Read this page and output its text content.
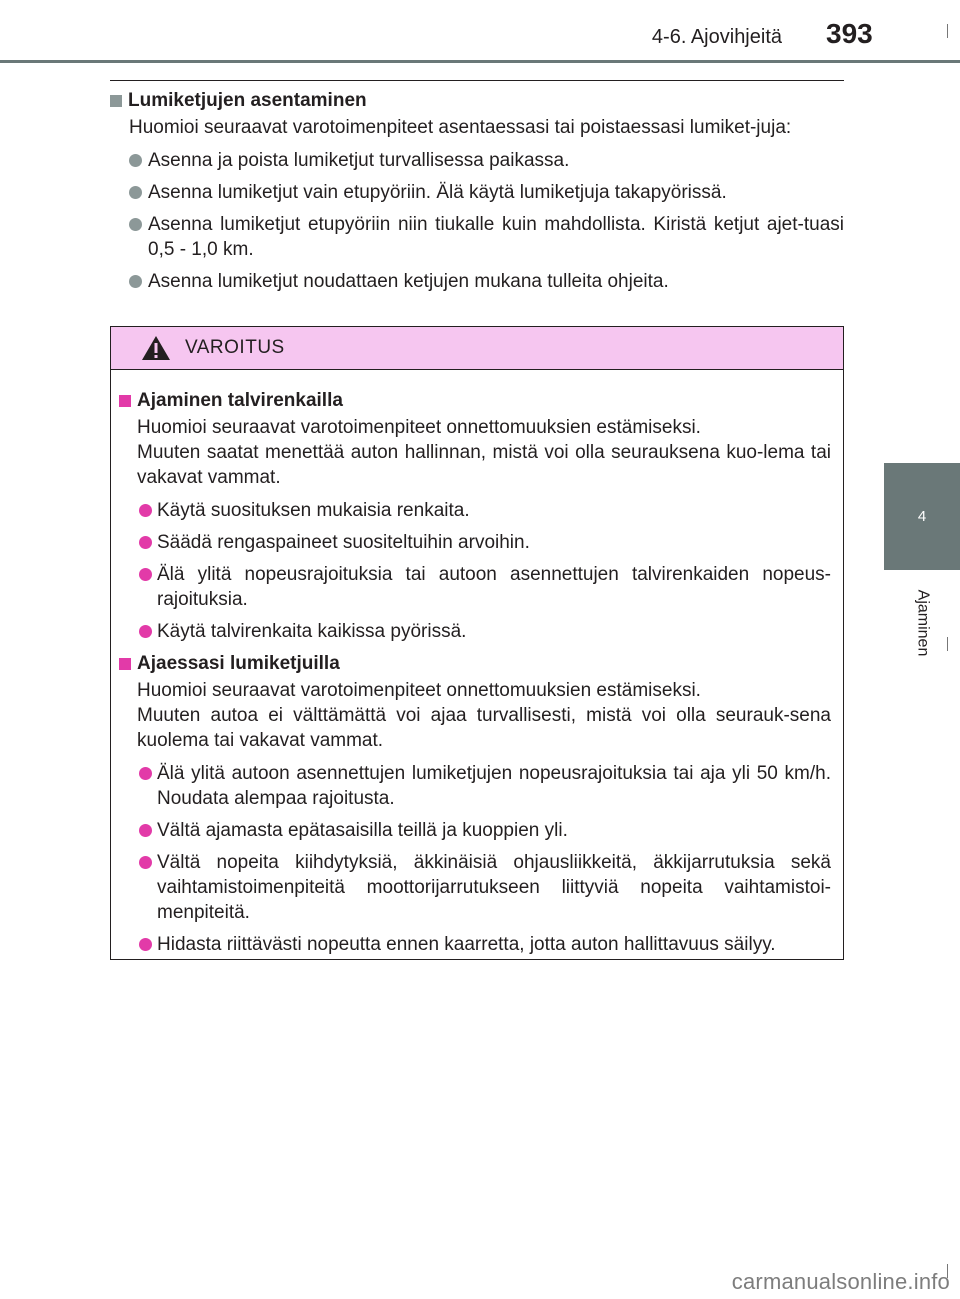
4-6. Ajovihjeitä 393
4
Ajaminen
Lumiketjujen asentaminen
Huomioi seuraavat varotoimenpiteet asentaessasi tai poistaessasi lumiket-juja:
Asenna ja poista lumiketjut turvallisessa paikassa.
Asenna lumiketjut vain etupyöriin. Älä käytä lumiketjuja takapyörissä.
Asenna lumiketjut etupyöriin niin tiukalle kuin mahdollista. Kiristä ketjut ajet-tuasi 0,5 - 1,0 km.
Asenna lumiketjut noudattaen ketjujen mukana tulleita ohjeita.
VAROITUS
Ajaminen talvirenkailla
Huomioi seuraavat varotoimenpiteet onnettomuuksien estämiseksi.
Muuten saatat menettää auton hallinnan, mistä voi olla seurauksena kuo-lema tai vakavat vammat.
Käytä suosituksen mukaisia renkaita.
Säädä rengaspaineet suositeltuihin arvoihin.
Älä ylitä nopeusrajoituksia tai autoon asennettujen talvirenkaiden nopeus-rajoituksia.
Käytä talvirenkaita kaikissa pyörissä.
Ajaessasi lumiketjuilla
Huomioi seuraavat varotoimenpiteet onnettomuuksien estämiseksi.
Muuten autoa ei välttämättä voi ajaa turvallisesti, mistä voi olla seurauk-sena kuolema tai vakavat vammat.
Älä ylitä autoon asennettujen lumiketjujen nopeusrajoituksia tai aja yli 50 km/h. Noudata alempaa rajoitusta.
Vältä ajamasta epätasaisilla teillä ja kuoppien yli.
Vältä nopeita kiihdytyksiä, äkkinäisiä ohjausliikkeitä, äkkijarrutuksia sekä vaihtamistoimenpiteitä moottorijarrutukseen liittyviä nopeita vaihtamistoi-menpiteitä.
Hidasta riittävästi nopeutta ennen kaarretta, jotta auton hallittavuus säilyy.
carmanualsonline.info
